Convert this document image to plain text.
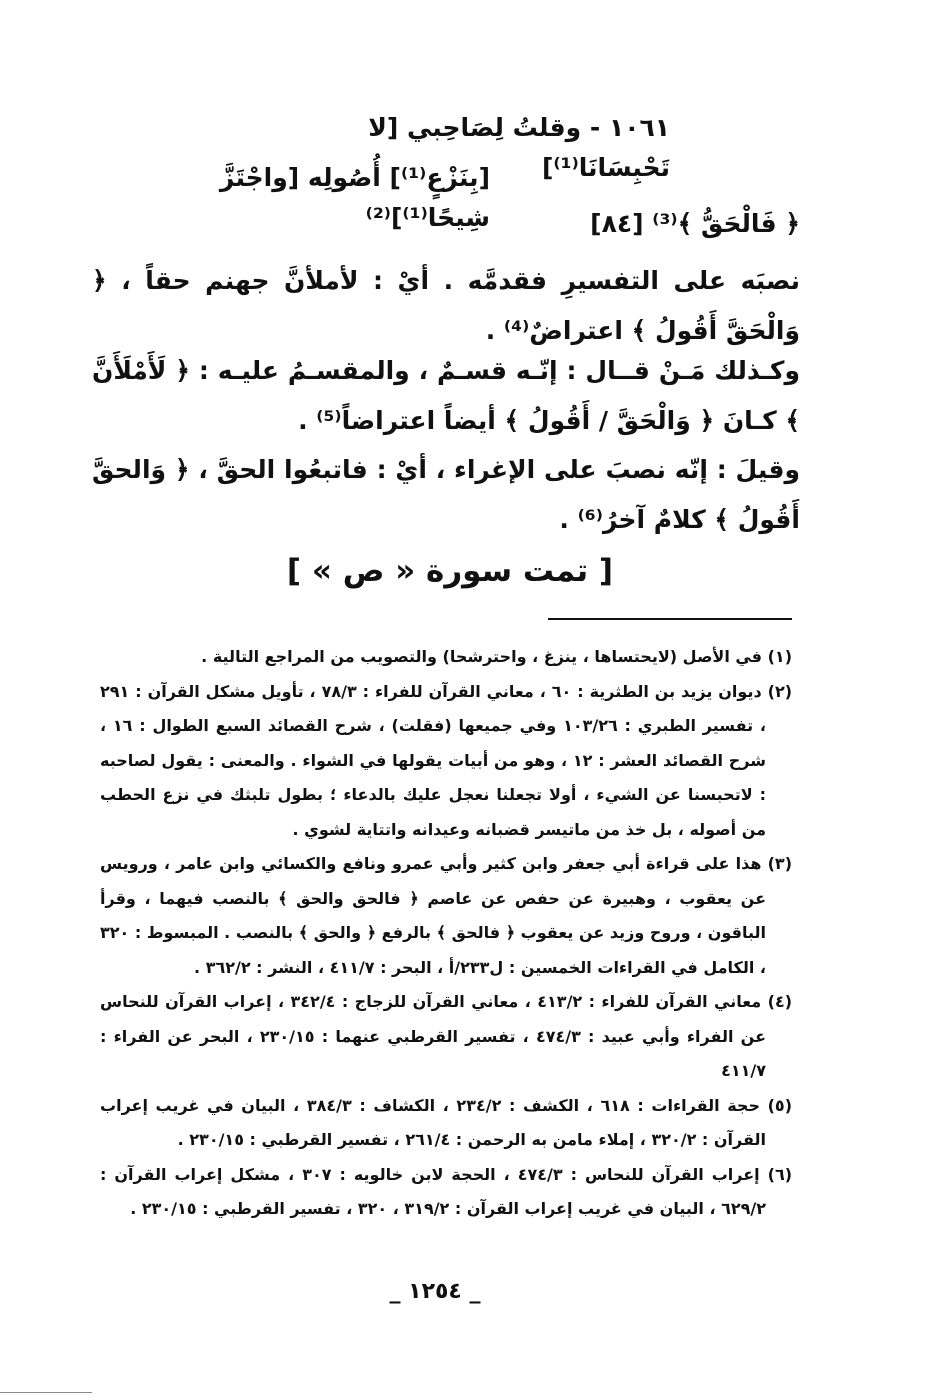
١٠٦١ - وقلتُ لِصَاحِبي [لا تَحْبِسَانَا⁽¹⁾]
[بِنَزْعٍ⁽¹⁾] أُصُولِه [واجْتَزَّ شِيحًا⁽¹⁾]⁽²⁾	﴿ فَالْحَقُّ ﴾⁽³⁾ [٨٤]
نصبَه على التفسيرِ فقدمَّه . أيْ : لأملأنَّ جهنم حقاً ، ﴿ وَالْحَقَّ أَقُولُ ﴾ اعتراضٌ⁽⁴⁾ .
وكـذلك مَـنْ قــال : إنّـه قسـمٌ ، والمقسـمُ عليـه : ﴿ لَأَمْلَأَنَّ ﴾ كـانَ ﴿ وَالْحَقَّ / أَقُولُ ﴾ أيضاً اعتراضاً⁽⁵⁾ .
وقيلَ : إنّه نصبَ على الإغراء ، أيْ : فاتبعُوا الحقَّ ، ﴿ وَالحقَّ أَقُولُ ﴾ كلامٌ آخرُ⁽⁶⁾ .
[ تمت سورة « ص » ]

(١) في الأصل (لايحتساها ، ينزغ ، واحترشحا) والتصويب من المراجع التالية .

(٢) ديوان يزيد بن الطثرية : ٦٠ ، معاني القرآن للفراء : ٧٨/٣ ، تأويل مشكل القرآن : ٢٩١ ، تفسير الطبري : ١٠٣/٢٦ وفي جميعها (فقلت) ، شرح القصائد السبع الطوال : ١٦ ، شرح القصائد العشر : ١٢ ، وهو من أبيات يقولها في الشواء . والمعنى : يقول لصاحبه : لاتحبسنا عن الشيء ، أولا تجعلنا نعجل عليك بالدعاء ؛ بطول تلبثك في نزع الحطب من أصوله ، بل خذ من ماتيسر قضبانه وعيدانه واتتاية لشوي .

(٣) هذا على قراءة أبي جعفر وابن كثير وأبي عمرو ونافع والكسائي وابن عامر ، ورويس عن يعقوب ، وهبيرة عن حفص عن عاصم ﴿ فالحق والحق ﴾ بالنصب فيهما ، وقرأ الباقون ، وروح وزيد عن يعقوب ﴿ فالحق ﴾ بالرفع ﴿ والحق ﴾ بالنصب . المبسوط : ٣٢٠ ، الكامل في القراءات الخمسين : ل٢٣٣/أ ، البحر : ٤١١/٧ ، النشر : ٣٦٢/٢ .

(٤) معاني القرآن للفراء : ٤١٣/٢ ، معاني القرآن للزجاج : ٣٤٢/٤ ، إعراب القرآن للنحاس عن الفراء وأبي عبيد : ٤٧٤/٣ ، تفسير القرطبي عنهما : ٢٣٠/١٥ ، البحر عن الفراء : ٤١١/٧

(٥) حجة القراءات : ٦١٨ ، الكشف : ٢٣٤/٢ ، الكشاف : ٣٨٤/٣ ، البيان في غريب إعراب القرآن : ٣٢٠/٢ ، إملاء مامن به الرحمن : ٢٦١/٤ ، تفسير القرطبي : ٢٣٠/١٥ .

(٦) إعراب القرآن للنحاس : ٤٧٤/٣ ، الحجة لابن خالويه : ٣٠٧ ، مشكل إعراب القرآن : ٦٢٩/٢ ، البيان في غريب إعراب القرآن : ٣١٩/٢ ، ٣٢٠ ، تفسير القرطبي : ٢٣٠/١٥ .

_ ١٢٥٤ _
